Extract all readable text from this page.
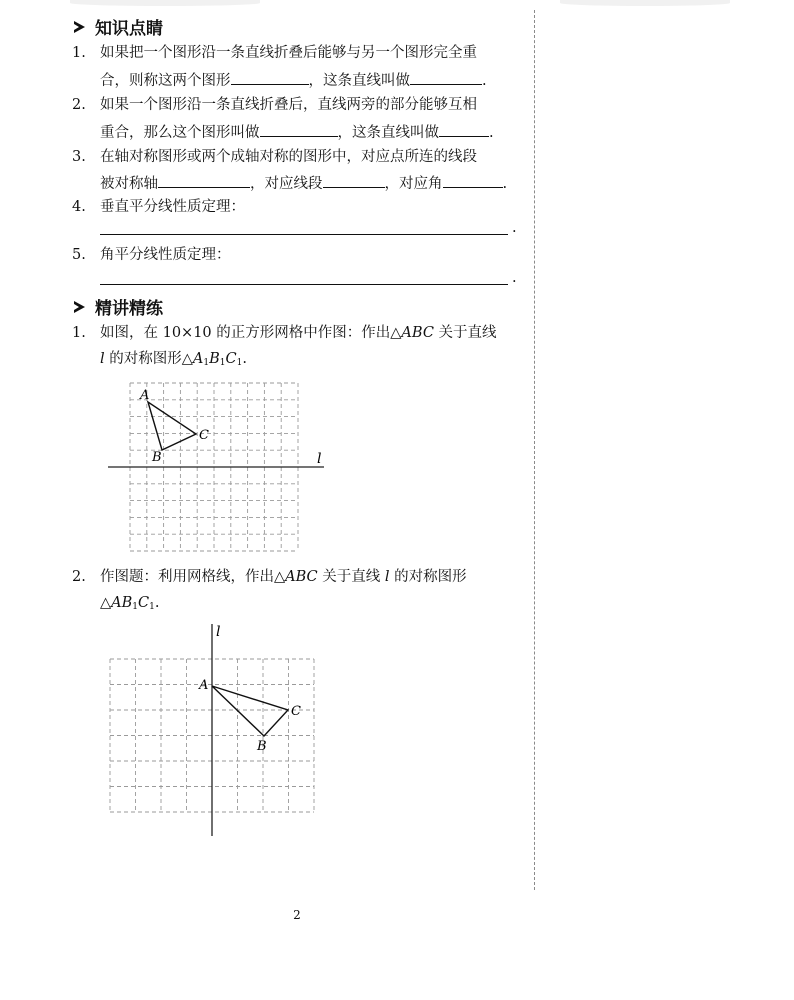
知识点睛
1. 如果把一个图形沿一条直线折叠后能够与另一个图形完全重
合，则称这两个图形	，这条直线叫做	.
2. 如果一个图形沿一条直线折叠后，直线两旁的部分能够互相
重合，那么这个图形叫做	，这条直线叫做	.
3. 在轴对称图形或两个成轴对称的图形中，对应点所连的线段
被对称轴	，对应线段	，对应角	.
4. 垂直平分线性质定理：
.
5. 角平分线性质定理：
.
精讲精练
1. 如图，在 10×10 的正方形网格中作图：作出△ABC 关于直线
l 的对称图形$\triangle A_1B_1C_1$.
A
B
C
l
2. 作图题：利用网格线，作出△ABC 关于直线 l 的对称图形
$\triangle AB_1C_1$.
l
A
B
C
2
